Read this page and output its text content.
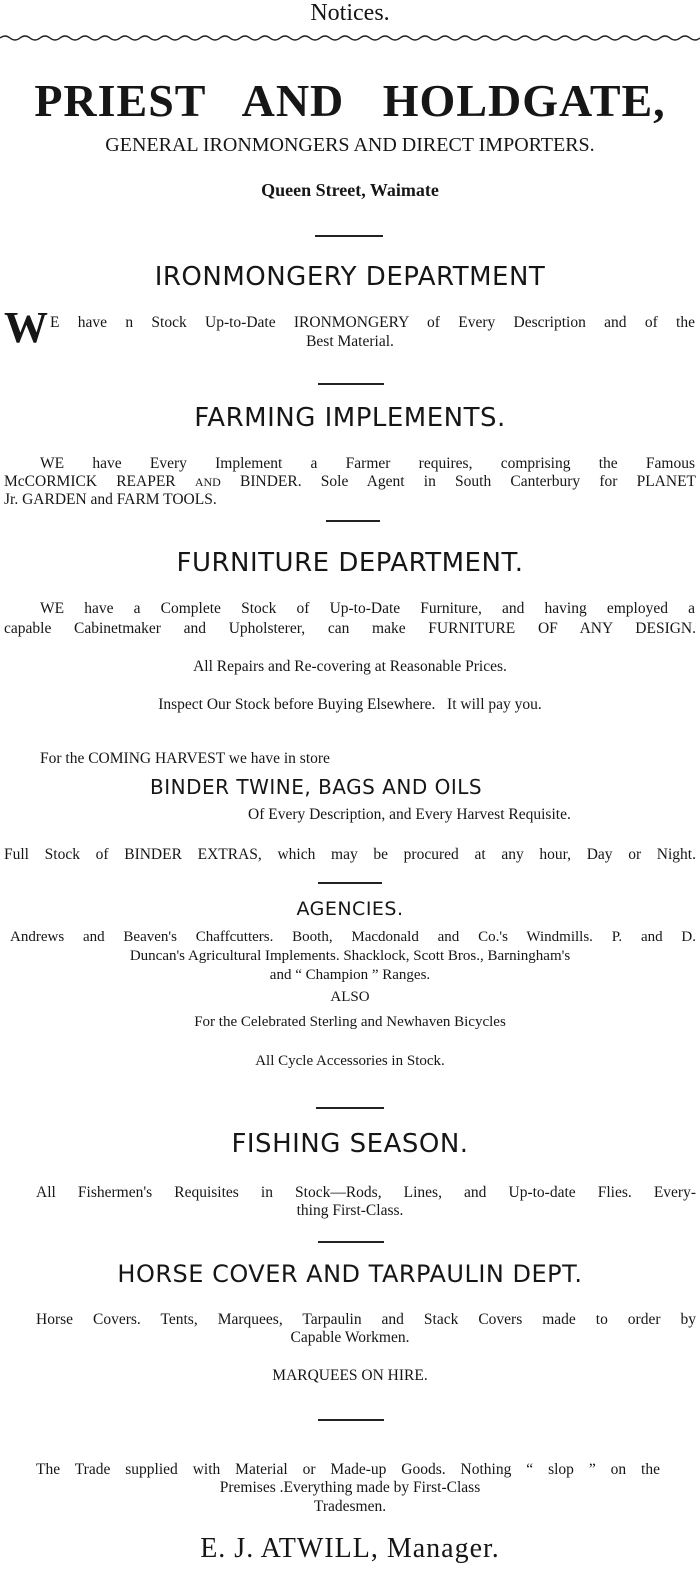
Notices.
PRIEST AND HOLDGATE,
GENERAL IRONMONGERS AND DIRECT IMPORTERS.
Queen Street, Waimate
IRONMONGERY DEPARTMENT
W E have n Stock Up-to-Date IRONMONGERY of Every Description and of the
Best Material.
FARMING IMPLEMENTS.
WE have Every Implement a Farmer requires, comprising the Famous
McCORMICK REAPER AND BINDER. Sole Agent in South Canterbury for PLANET
Jr. GARDEN and FARM TOOLS.
FURNITURE DEPARTMENT.
WE have a Complete Stock of Up-to-Date Furniture, and having employed a
capable Cabinetmaker and Upholsterer, can make FURNITURE OF ANY DESIGN.
All Repairs and Re-covering at Reasonable Prices.
Inspect Our Stock before Buying Elsewhere.   It will pay you.
For the COMING HARVEST we have in store
BINDER TWINE, BAGS AND OILS
Of Every Description, and Every Harvest Requisite.
Full Stock of BINDER EXTRAS, which may be procured at any hour, Day or Night.
AGENCIES.
Andrews and Beaven's Chaffcutters. Booth, Macdonald and Co.'s Windmills. P. and D.
Duncan's Agricultural Implements. Shacklock, Scott Bros., Barningham's
and “ Champion ” Ranges.
ALSO
For the Celebrated Sterling and Newhaven Bicycles
All Cycle Accessories in Stock.
FISHING SEASON.
All Fishermen's Requisites in Stock—Rods, Lines, and Up-to-date Flies. Every-
thing First-Class.
HORSE COVER AND TARPAULIN DEPT.
Horse Covers. Tents, Marquees, Tarpaulin and Stack Covers made to order by
Capable Workmen.
MARQUEES ON HIRE.
The Trade supplied with Material or Made-up Goods. Nothing “ slop ” on the
Premises .Everything made by First-Class
Tradesmen.
E. J. ATWILL, Manager.
